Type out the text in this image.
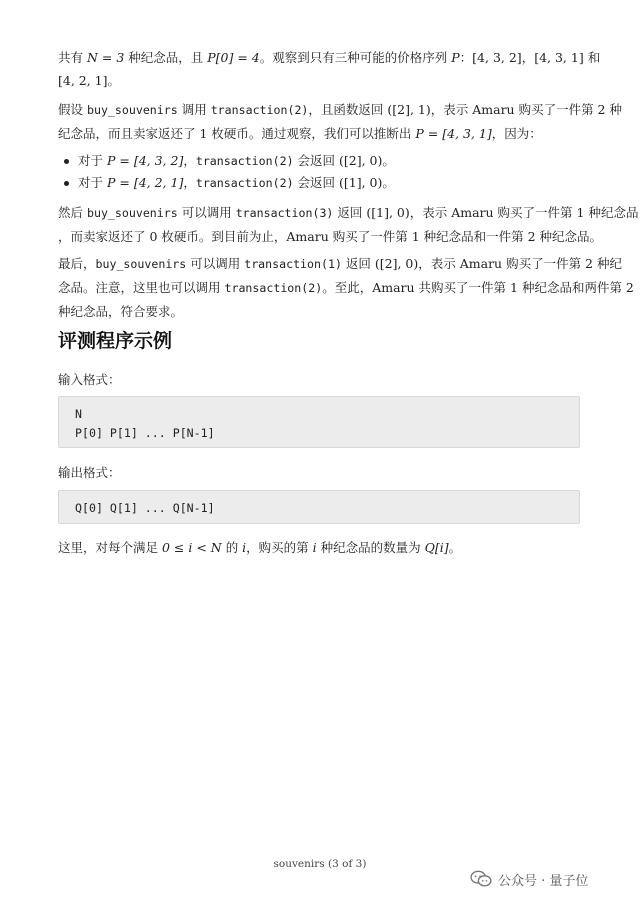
共有 N = 3 种纪念品，且 P[0] = 4。观察到只有三种可能的价格序列 P：[4, 3, 2]，[4, 3, 1] 和
[4, 2, 1]。

假设 buy_souvenirs 调用 transaction(2)，且函数返回 ([2], 1)，表示 Amaru 购买了一件第 2 种
纪念品，而且卖家返还了 1 枚硬币。通过观察，我们可以推断出 P = [4, 3, 1]，因为：

对于 P = [4, 3, 2]，transaction(2) 会返回 ([2], 0)。
对于 P = [4, 2, 1]，transaction(2) 会返回 ([1], 0)。

然后 buy_souvenirs 可以调用 transaction(3) 返回 ([1], 0)，表示 Amaru 购买了一件第 1 种纪念品
，而卖家返还了 0 枚硬币。到目前为止，Amaru 购买了一件第 1 种纪念品和一件第 2 种纪念品。

最后，buy_souvenirs 可以调用 transaction(1) 返回 ([2], 0)，表示 Amaru 购买了一件第 2 种纪
念品。注意，这里也可以调用 transaction(2)。至此，Amaru 共购买了一件第 1 种纪念品和两件第 2
种纪念品，符合要求。

评测程序示例

输入格式：

N
P[0] P[1] ... P[N-1]

输出格式：

Q[0] Q[1] ... Q[N-1]

这里，对每个满足 0 ≤ i < N 的 i，购买的第 i 种纪念品的数量为 Q[i]。

souvenirs (3 of 3)
公众号 · 量子位
